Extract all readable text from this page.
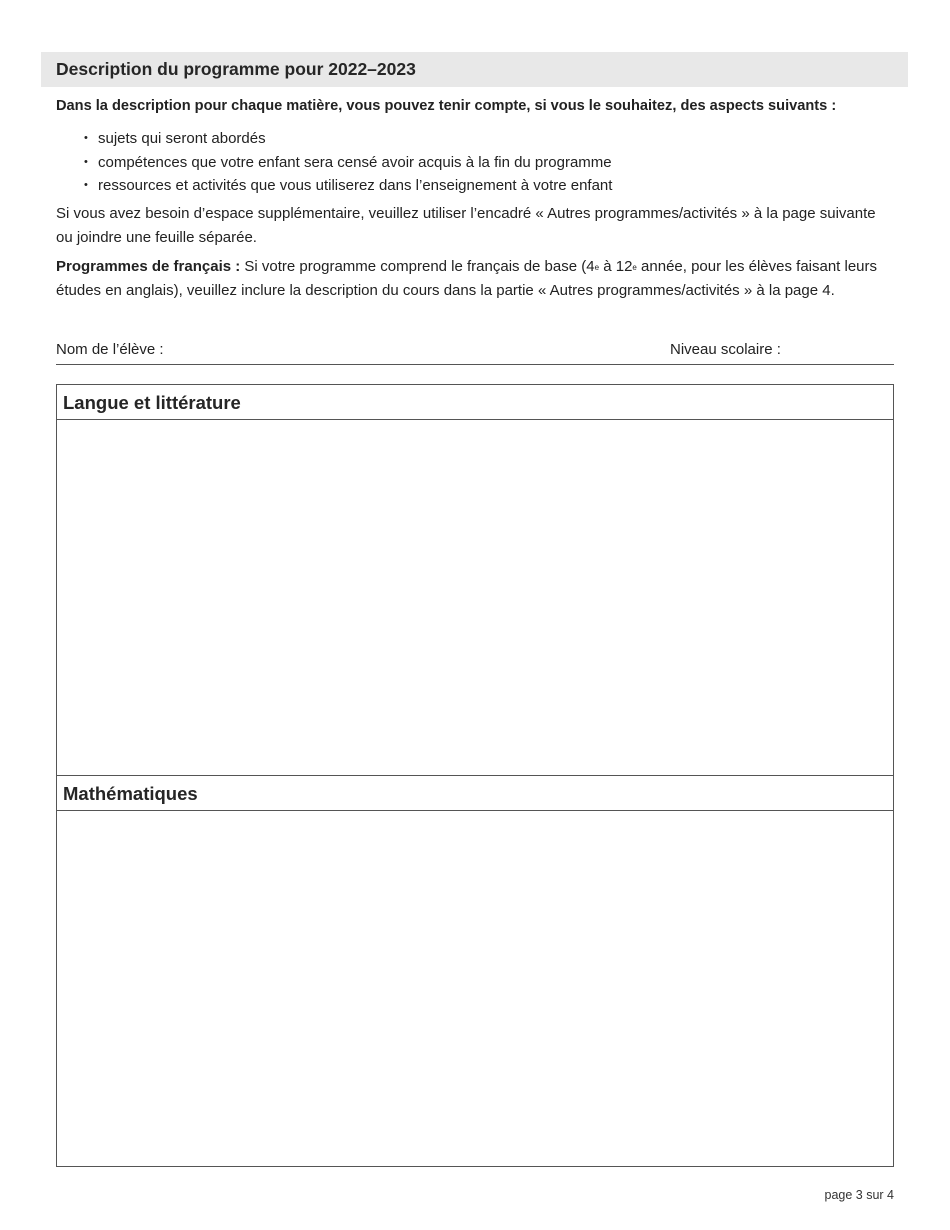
Description du programme pour 2022–2023
Dans la description pour chaque matière, vous pouvez tenir compte, si vous le souhaitez, des aspects suivants :
• sujets qui seront abordés
• compétences que votre enfant sera censé avoir acquis à la fin du programme
• ressources et activités que vous utiliserez dans l’enseignement à votre enfant
Si vous avez besoin d’espace supplémentaire, veuillez utiliser l’encadré « Autres programmes/activités » à la page suivante ou joindre une feuille séparée.
Programmes de français : Si votre programme comprend le français de base (4e à 12e année, pour les élèves faisant leurs études en anglais), veuillez inclure la description du cours dans la partie « Autres programmes/activités » à la page 4.
Nom de l’élève :	Niveau scolaire :
Langue et littérature
Mathématiques
page 3 sur 4
